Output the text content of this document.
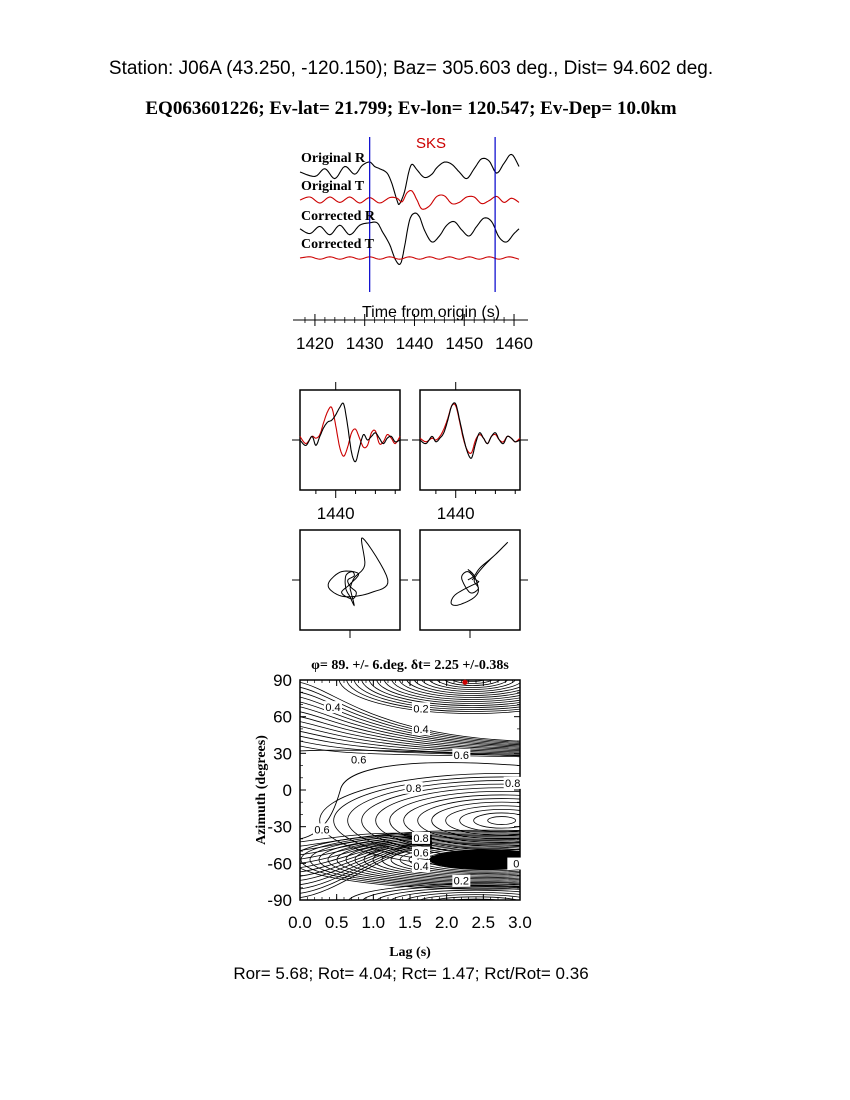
Station: J06A (43.250, -120.150); Baz= 305.603 deg., Dist= 94.602 deg.
EQ063601226; Ev-lat= 21.799; Ev-lon= 120.547; Ev-Dep= 10.0km
Original R
Original T
Corrected R
Corrected T
SKS
Time from origin (s)
1420 1430 1440 1450 1460
1440	1440
φ= 89. +/- 6.deg. δt= 2.25 +/-0.38s
0.0 0.5 1.0 1.5 2.0 2.5 3.0
-90
-60
-30
0
30
60
90
0.4	0.2
0.4
0.6	0.6
0.8	0.8
0.6
0.8
0.6
0.4
0.2
0
Lag (s)
Azimuth (degrees)
Ror= 5.68; Rot= 4.04; Rct= 1.47; Rct/Rot= 0.36
